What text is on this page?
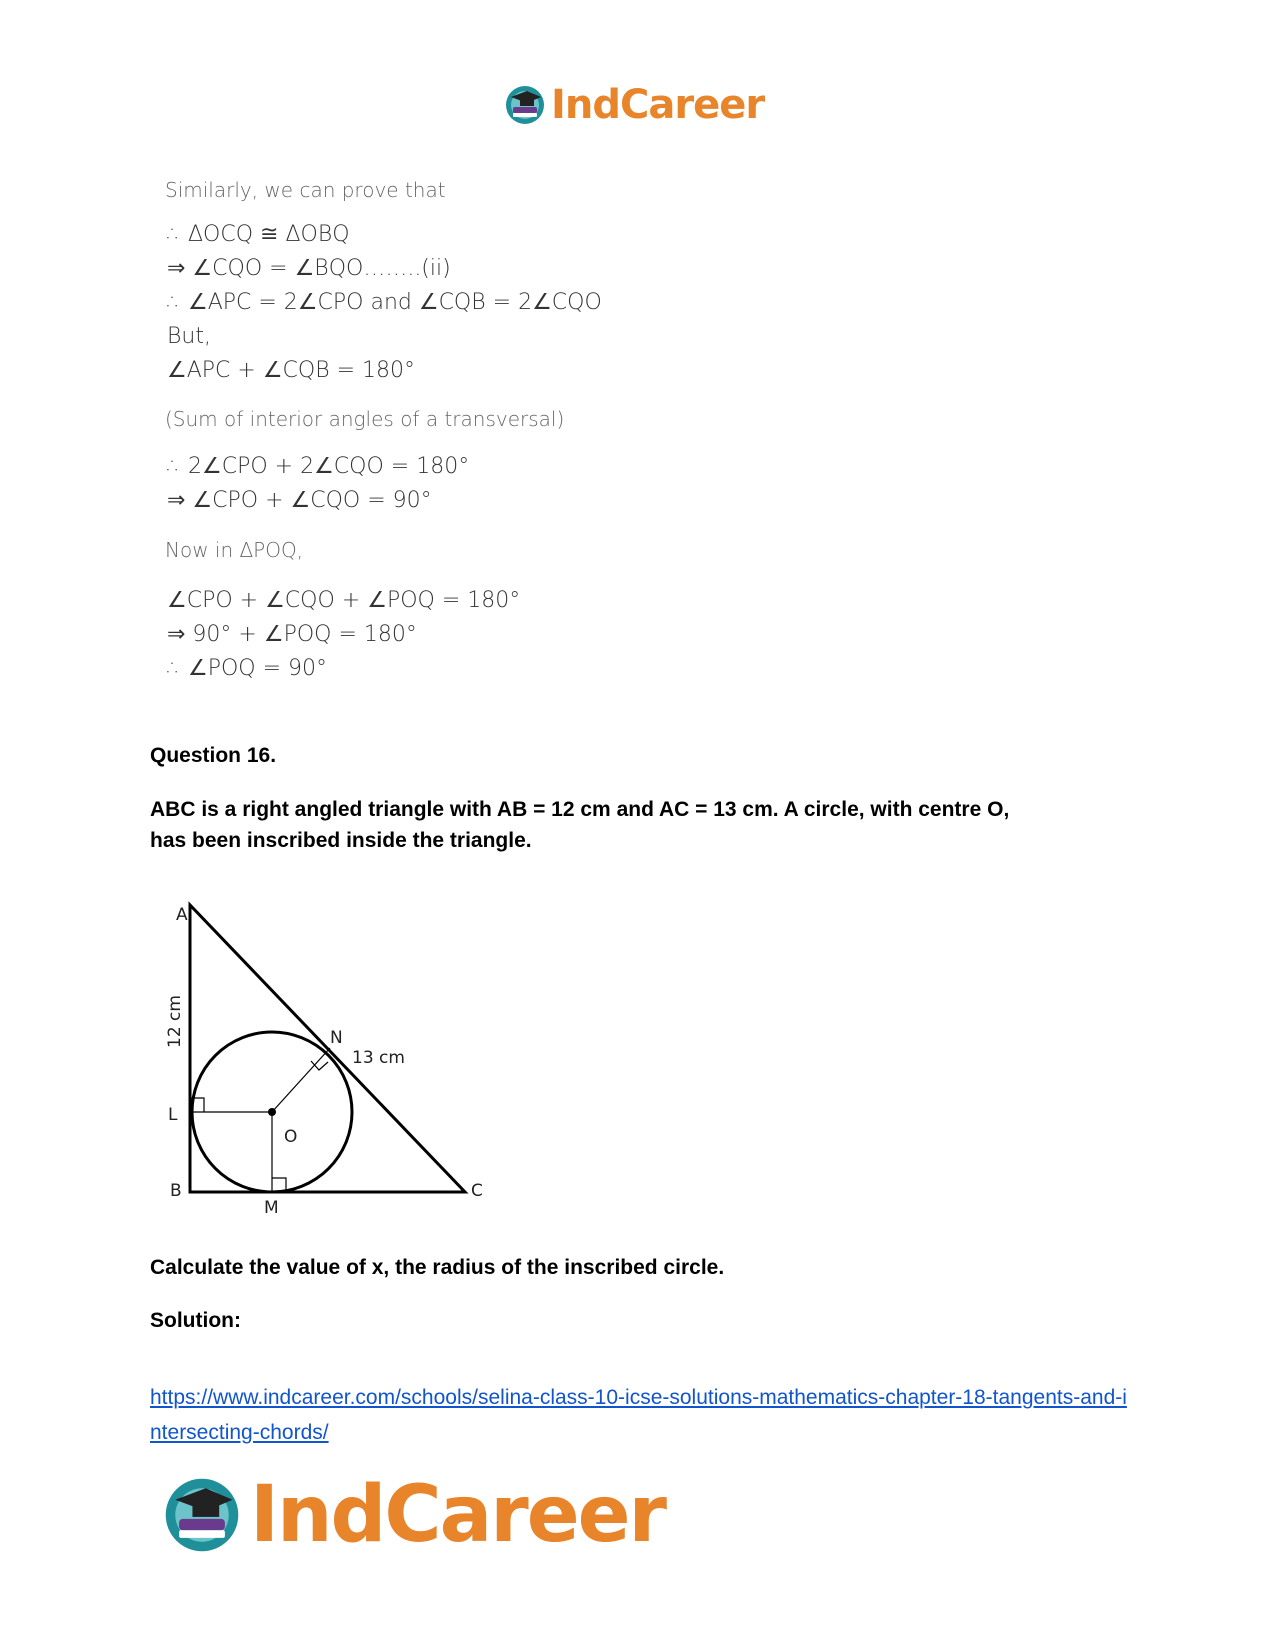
IndCareer
Similarly, we can prove that
∴ ΔOCQ ≅ ΔOBQ
⇒ ∠CQO = ∠BQO……..(ii)
∴ ∠APC = 2∠CPO and ∠CQB = 2∠CQO
But,
∠APC + ∠CQB = 180°
(Sum of interior angles of a transversal)
∴ 2∠CPO + 2∠CQO = 180°
⇒ ∠CPO + ∠CQO = 90°
Now in ΔPOQ,
∠CPO + ∠CQO + ∠POQ = 180°
⇒ 90° + ∠POQ = 180°
∴ ∠POQ = 90°
Question 16.
ABC is a right angled triangle with AB = 12 cm and AC = 13 cm. A circle, with centre O,
has been inscribed inside the triangle.
A
B	C
L
M
N
O
13 cm
12 cm
Calculate the value of x, the radius of the inscribed circle.
Solution:
https://www.indcareer.com/schools/selina-class-10-icse-solutions-mathematics-chapter-18-tangents-and-intersecting-chords/
IndCareer
